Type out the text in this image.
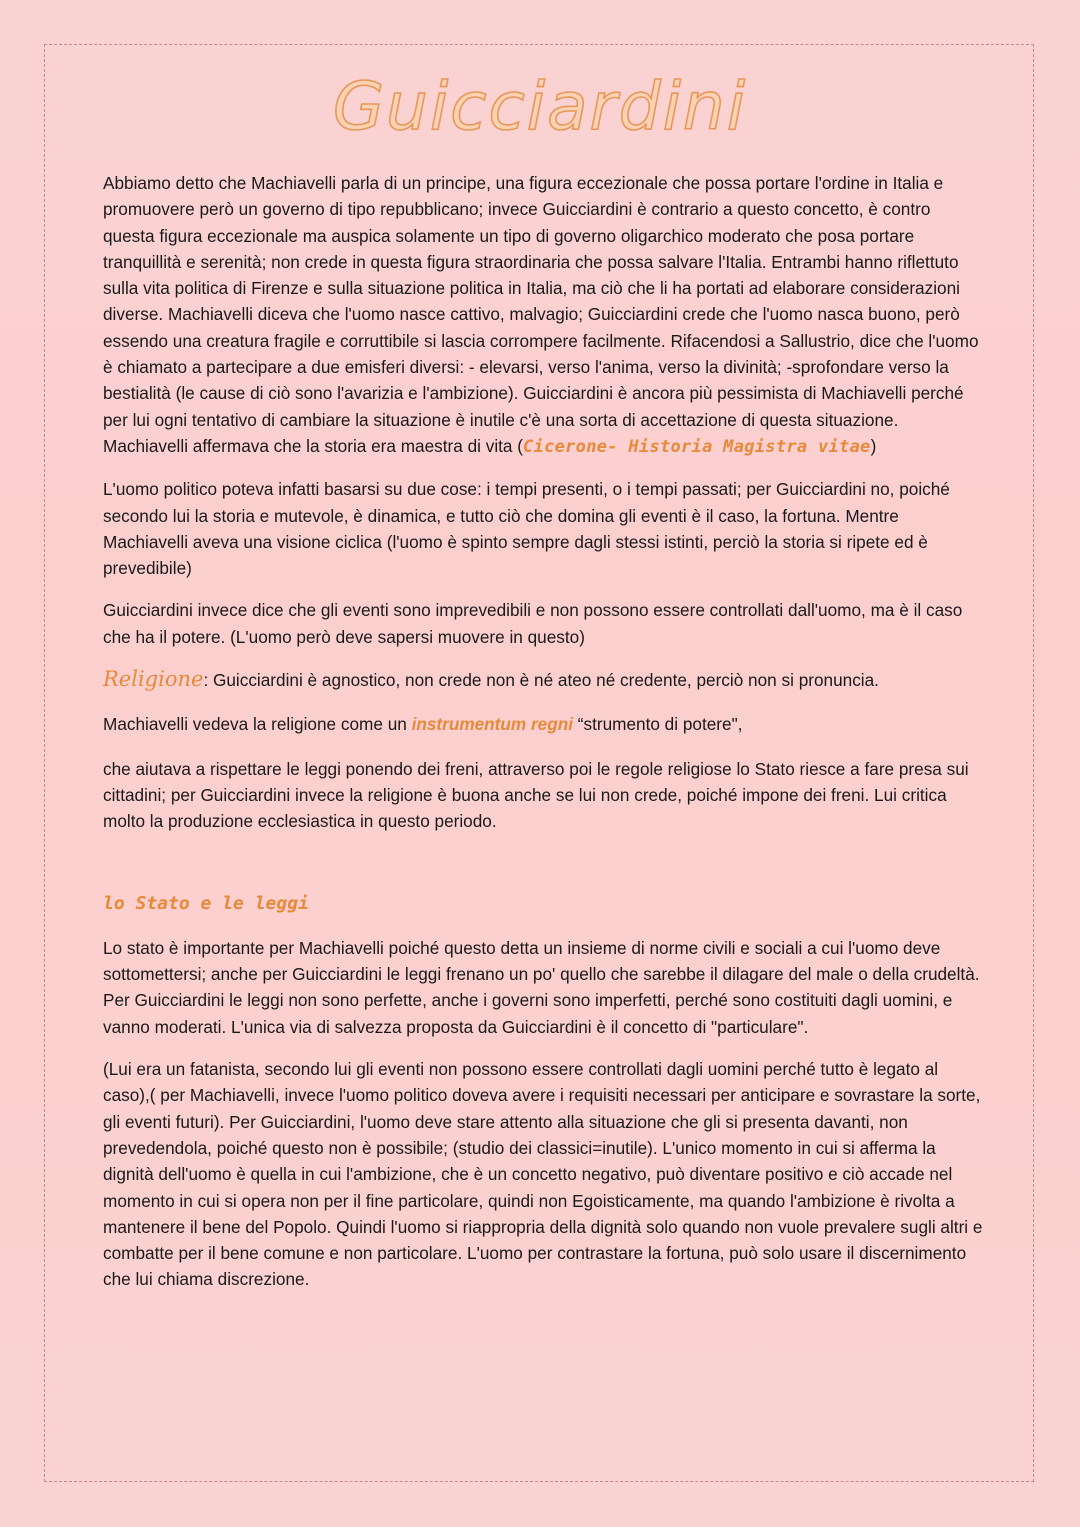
Guicciardini

Abbiamo detto che Machiavelli parla di un principe, una figura eccezionale che possa portare l'ordine in Italia e promuovere però un governo di tipo repubblicano; invece Guicciardini è contrario a questo concetto, è contro questa figura eccezionale ma auspica solamente un tipo di governo oligarchico moderato che posa portare tranquillità e serenità; non crede in questa figura straordinaria che possa salvare l'Italia. Entrambi hanno riflettuto sulla vita politica di Firenze e sulla situazione politica in Italia, ma ciò che li ha portati ad elaborare considerazioni diverse. Machiavelli diceva che l'uomo nasce cattivo, malvagio; Guicciardini crede che l'uomo nasca buono, però essendo una creatura fragile e corruttibile si lascia corrompere facilmente. Rifacendosi a Sallustrio, dice che l'uomo è chiamato a partecipare a due emisferi diversi: - elevarsi, verso l'anima, verso la divinità; -sprofondare verso la bestialità (le cause di ciò sono l'avarizia e l'ambizione). Guicciardini è ancora più pessimista di Machiavelli perché per lui ogni tentativo di cambiare la situazione è inutile c'è una sorta di accettazione di questa situazione. Machiavelli affermava che la storia era maestra di vita (Cicerone- Historia Magistra vitae)

L'uomo politico poteva infatti basarsi su due cose: i tempi presenti, o i tempi passati; per Guicciardini no, poiché secondo lui la storia e mutevole, è dinamica, e tutto ciò che domina gli eventi è il caso, la fortuna. Mentre Machiavelli aveva una visione ciclica (l'uomo è spinto sempre dagli stessi istinti, perciò la storia si ripete ed è prevedibile)

Guicciardini invece dice che gli eventi sono imprevedibili e non possono essere controllati dall'uomo, ma è il caso che ha il potere. (L'uomo però deve sapersi muovere in questo)

Religione: Guicciardini è agnostico, non crede non è né ateo né credente, perciò non si pronuncia.

Machiavelli vedeva la religione come un instrumentum regni “strumento di potere",

che aiutava a rispettare le leggi ponendo dei freni, attraverso poi le regole religiose lo Stato riesce a fare presa sui cittadini; per Guicciardini invece la religione è buona anche se lui non crede, poiché impone dei freni. Lui critica molto la produzione ecclesiastica in questo periodo.

lo Stato e le leggi

Lo stato è importante per Machiavelli poiché questo detta un insieme di norme civili e sociali a cui l'uomo deve sottomettersi; anche per Guicciardini le leggi frenano un po' quello che sarebbe il dilagare del male o della crudeltà. Per Guicciardini le leggi non sono perfette, anche i governi sono imperfetti, perché sono costituiti dagli uomini, e vanno moderati. L'unica via di salvezza proposta da Guicciardini è il concetto di "particulare".

(Lui era un fatanista, secondo lui gli eventi non possono essere controllati dagli uomini perché tutto è legato al caso),( per Machiavelli, invece l'uomo politico doveva avere i requisiti necessari per anticipare e sovrastare la sorte, gli eventi futuri). Per Guicciardini, l'uomo deve stare attento alla situazione che gli si presenta davanti, non prevedendola, poiché questo non è possibile; (studio dei classici=inutile). L'unico momento in cui si afferma la dignità dell'uomo è quella in cui l'ambizione, che è un concetto negativo, può diventare positivo e ciò accade nel momento in cui si opera non per il fine particolare, quindi non Egoisticamente, ma quando l'ambizione è rivolta a mantenere il bene del Popolo. Quindi l'uomo si riappropria della dignità solo quando non vuole prevalere sugli altri e combatte per il bene comune e non particolare. L'uomo per contrastare la fortuna, può solo usare il discernimento che lui chiama discrezione.
